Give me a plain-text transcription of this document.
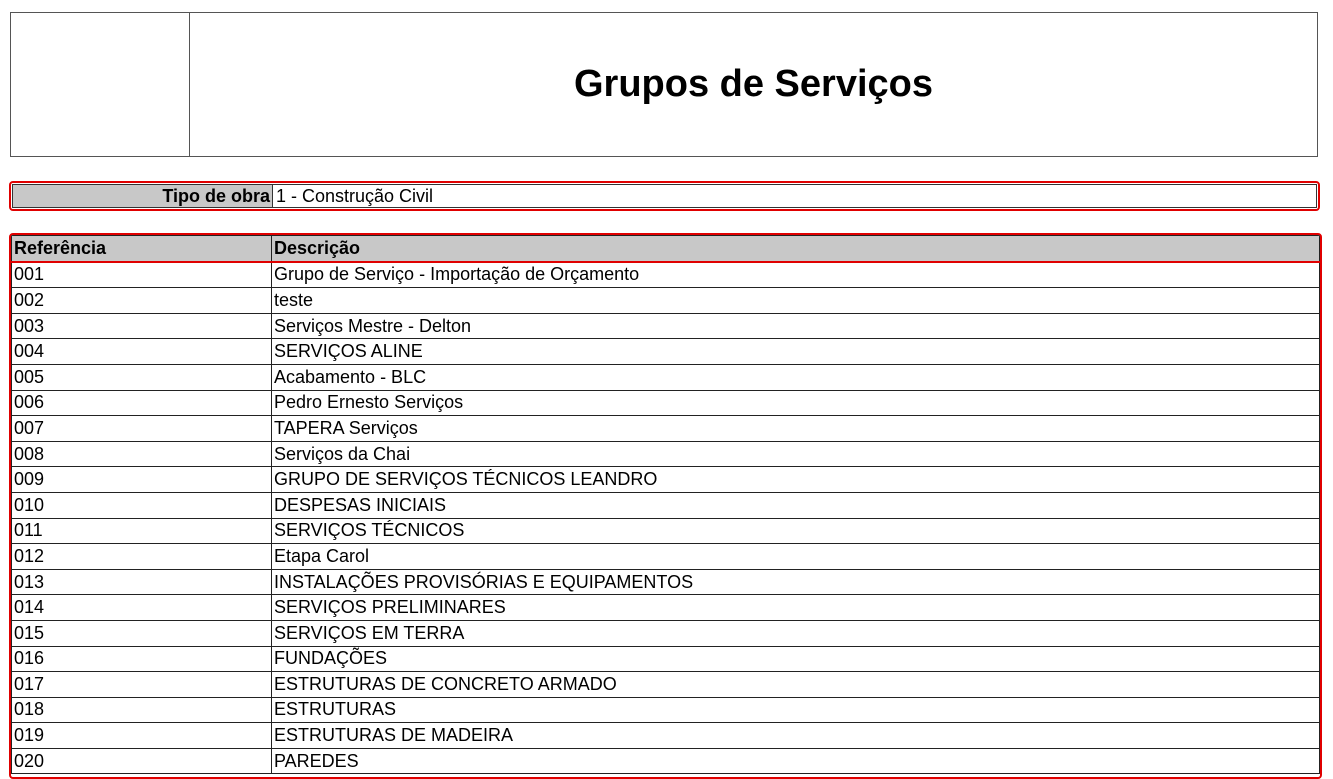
Grupos de Serviços
Tipo de obra 1 - Construção Civil
Referência	Descrição
001	Grupo de Serviço - Importação de Orçamento
002	teste
003	Serviços Mestre - Delton
004	SERVIÇOS ALINE
005	Acabamento - BLC
006	Pedro Ernesto Serviços
007	TAPERA Serviços
008	Serviços da Chai
009	GRUPO DE SERVIÇOS TÉCNICOS LEANDRO
010	DESPESAS INICIAIS
011	SERVIÇOS TÉCNICOS
012	Etapa Carol
013	INSTALAÇÕES PROVISÓRIAS E EQUIPAMENTOS
014	SERVIÇOS PRELIMINARES
015	SERVIÇOS EM TERRA
016	FUNDAÇÕES
017	ESTRUTURAS DE CONCRETO ARMADO
018	ESTRUTURAS
019	ESTRUTURAS DE MADEIRA
020	PAREDES
